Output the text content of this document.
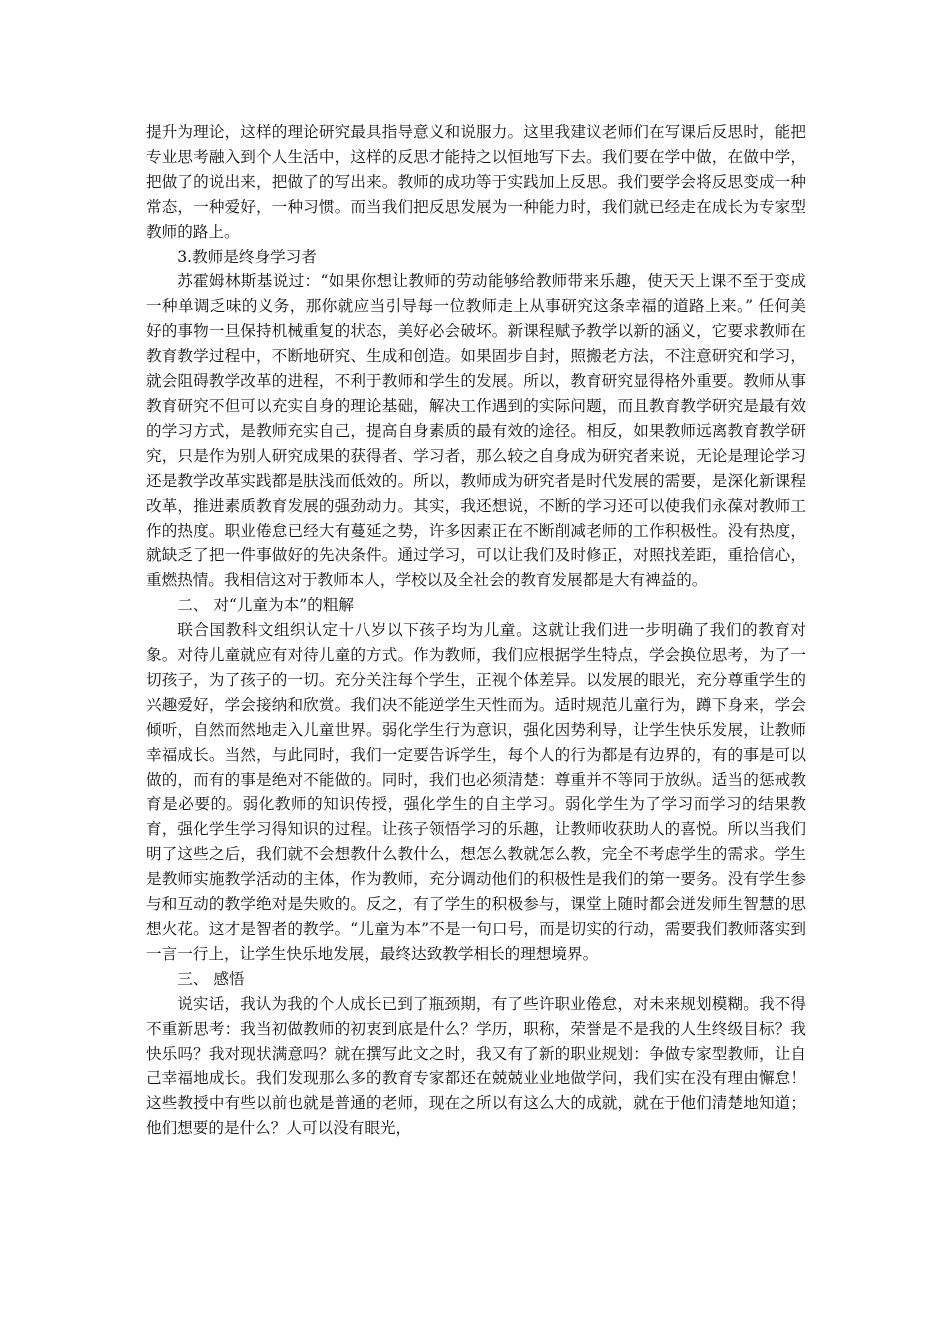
提升为理论，这样的理论研究最具指导意义和说服力。这里我建议老师们在写课后反思时，能把专业思考融入到个人生活中，这样的反思才能持之以恒地写下去。我们要在学中做，在做中学，把做了的说出来，把做了的写出来。教师的成功等于实践加上反思。我们要学会将反思变成一种常态，一种爱好，一种习惯。而当我们把反思发展为一种能力时，我们就已经走在成长为专家型教师的路上。

3.教师是终身学习者

苏霍姆林斯基说过：“如果你想让教师的劳动能够给教师带来乐趣，使天天上课不至于变成一种单调乏味的义务，那你就应当引导每一位教师走上从事研究这条幸福的道路上来。” 任何美好的事物一旦保持机械重复的状态，美好必会破坏。新课程赋予教学以新的涵义，它要求教师在教育教学过程中，不断地研究、生成和创造。如果固步自封，照搬老方法，不注意研究和学习，就会阻碍教学改革的进程，不利于教师和学生的发展。所以，教育研究显得格外重要。教师从事教育研究不但可以充实自身的理论基础，解决工作遇到的实际问题，而且教育教学研究是最有效的学习方式，是教师充实自己，提高自身素质的最有效的途径。相反，如果教师远离教育教学研究，只是作为别人研究成果的获得者、学习者，那么较之自身成为研究者来说，无论是理论学习还是教学改革实践都是肤浅而低效的。所以，教师成为研究者是时代发展的需要，是深化新课程改革，推进素质教育发展的强劲动力。其实，我还想说，不断的学习还可以使我们永葆对教师工作的热度。职业倦怠已经大有蔓延之势，许多因素正在不断削减老师的工作积极性。没有热度，就缺乏了把一件事做好的先决条件。通过学习，可以让我们及时修正，对照找差距，重拾信心，重燃热情。我相信这对于教师本人，学校以及全社会的教育发展都是大有裨益的。

二、 对“儿童为本”的粗解

联合国教科文组织认定十八岁以下孩子均为儿童。这就让我们进一步明确了我们的教育对象。对待儿童就应有对待儿童的方式。作为教师，我们应根据学生特点，学会换位思考，为了一切孩子，为了孩子的一切。充分关注每个学生，正视个体差异。以发展的眼光，充分尊重学生的兴趣爱好，学会接纳和欣赏。我们决不能逆学生天性而为。适时规范儿童行为，蹲下身来，学会倾听，自然而然地走入儿童世界。弱化学生行为意识，强化因势利导，让学生快乐发展，让教师幸福成长。当然，与此同时，我们一定要告诉学生，每个人的行为都是有边界的，有的事是可以做的，而有的事是绝对不能做的。同时，我们也必须清楚：尊重并不等同于放纵。适当的惩戒教育是必要的。弱化教师的知识传授，强化学生的自主学习。弱化学生为了学习而学习的结果教育，强化学生学习得知识的过程。让孩子领悟学习的乐趣，让教师收获助人的喜悦。所以当我们明了这些之后，我们就不会想教什么教什么，想怎么教就怎么教，完全不考虑学生的需求。学生是教师实施教学活动的主体，作为教师，充分调动他们的积极性是我们的第一要务。没有学生参与和互动的教学绝对是失败的。反之，有了学生的积极参与，课堂上随时都会迸发师生智慧的思想火花。这才是智者的教学。“儿童为本”不是一句口号，而是切实的行动，需要我们教师落实到一言一行上，让学生快乐地发展，最终达致教学相长的理想境界。

三、 感悟

说实话，我认为我的个人成长已到了瓶颈期，有了些许职业倦怠，对未来规划模糊。我不得不重新思考：我当初做教师的初衷到底是什么？学历，职称，荣誉是不是我的人生终级目标？我快乐吗？我对现状满意吗？就在撰写此文之时，我又有了新的职业规划：争做专家型教师，让自己幸福地成长。我们发现那么多的教育专家都还在兢兢业业地做学问，我们实在没有理由懈怠！这些教授中有些以前也就是普通的老师，现在之所以有这么大的成就，就在于他们清楚地知道；他们想要的是什么？人可以没有眼光，
